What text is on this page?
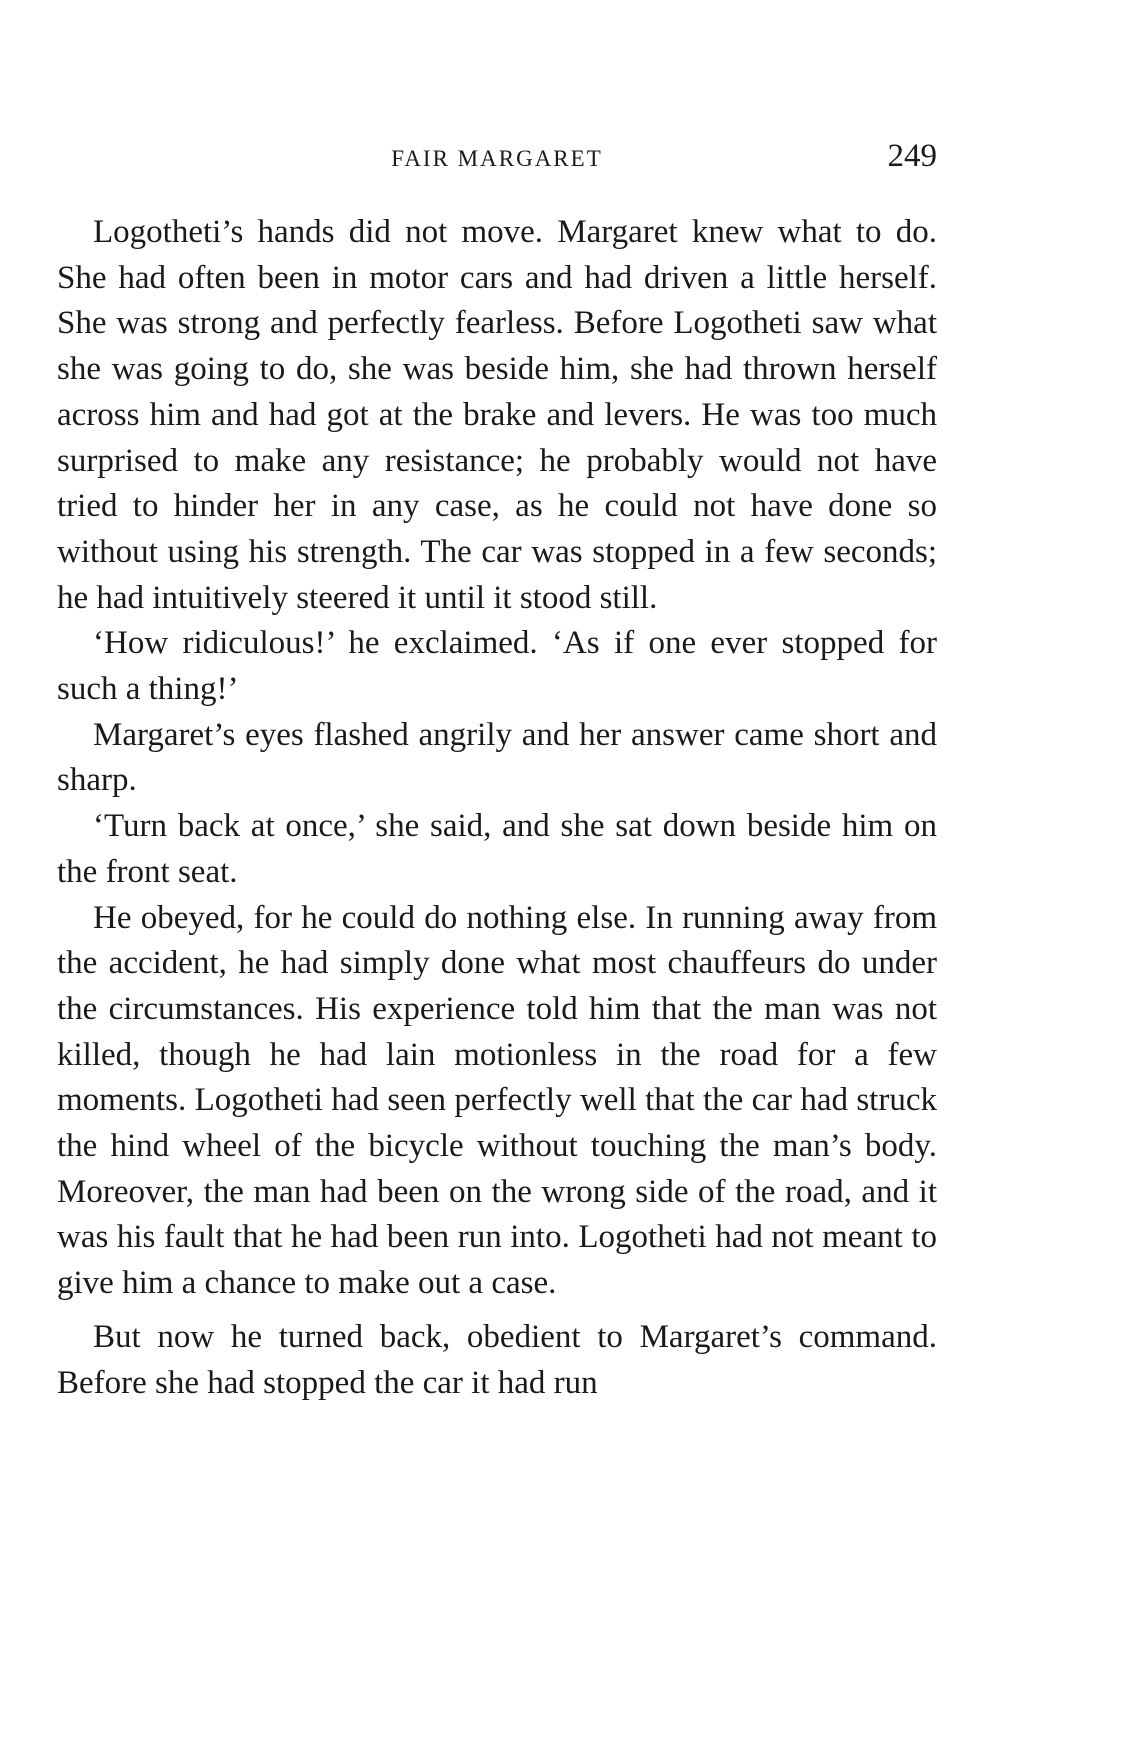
FAIR MARGARET	249

Logotheti’s hands did not move. Margaret knew what to do. She had often been in motor cars and had driven a little herself. She was strong and perfectly fearless. Before Logotheti saw what she was going to do, she was beside him, she had thrown herself across him and had got at the brake and levers. He was too much surprised to make any resistance; he probably would not have tried to hinder her in any case, as he could not have done so without using his strength. The car was stopped in a few seconds; he had intuitively steered it until it stood still.

‘How ridiculous!’ he exclaimed. ‘As if one ever stopped for such a thing!’

Margaret’s eyes flashed angrily and her answer came short and sharp.

‘Turn back at once,’ she said, and she sat down beside him on the front seat.

He obeyed, for he could do nothing else. In running away from the accident, he had simply done what most chauffeurs do under the circumstances. His experience told him that the man was not killed, though he had lain motionless in the road for a few moments. Logotheti had seen perfectly well that the car had struck the hind wheel of the bicycle without touching the man’s body. Moreover, the man had been on the wrong side of the road, and it was his fault that he had been run into. Logotheti had not meant to give him a chance to make out a case.

But now he turned back, obedient to Margaret’s command. Before she had stopped the car it had run
